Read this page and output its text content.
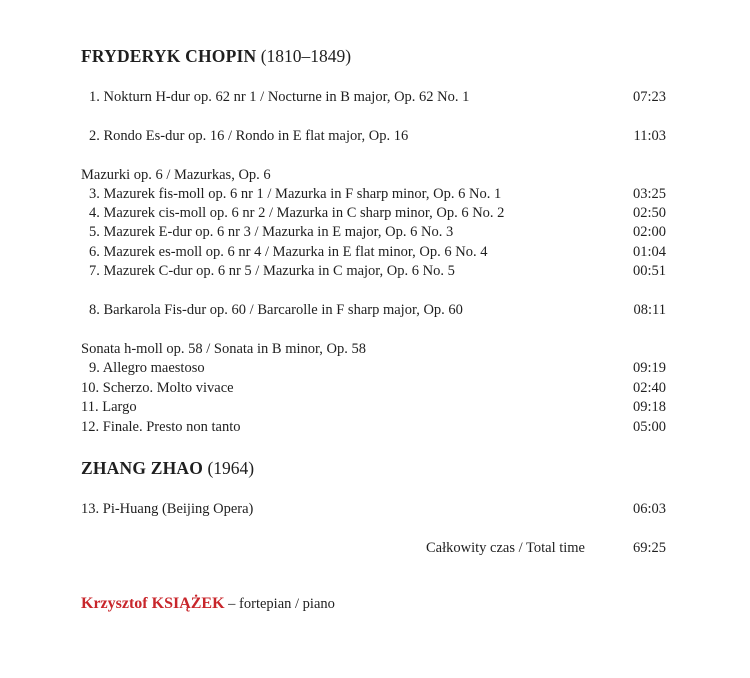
FRYDERYK CHOPIN (1810–1849)
1. Nokturn H-dur op. 62 nr 1 / Nocturne in B major, Op. 62 No. 1	07:23
2. Rondo Es-dur op. 16 / Rondo in E flat major, Op. 16	11:03
Mazurki op. 6 / Mazurkas, Op. 6
3. Mazurek fis-moll op. 6 nr 1 / Mazurka in F sharp minor, Op. 6 No. 1	03:25
4. Mazurek cis-moll op. 6 nr 2 / Mazurka in C sharp minor, Op. 6 No. 2	02:50
5. Mazurek E-dur op. 6 nr 3 / Mazurka in E major, Op. 6 No. 3	02:00
6. Mazurek es-moll op. 6 nr 4 / Mazurka in E flat minor, Op. 6 No. 4	01:04
7. Mazurek C-dur op. 6 nr 5 / Mazurka in C major, Op. 6 No. 5	00:51
8. Barkarola Fis-dur op. 60 / Barcarolle in F sharp major, Op. 60	08:11
Sonata h-moll op. 58 / Sonata in B minor, Op. 58
9. Allegro maestoso	09:19
10. Scherzo. Molto vivace	02:40
11. Largo	09:18
12. Finale. Presto non tanto	05:00
ZHANG ZHAO (1964)
13. Pi-Huang (Beijing Opera)	06:03
Całkowity czas / Total time	69:25
Krzysztof KSIĄŻEK – fortepian / piano
